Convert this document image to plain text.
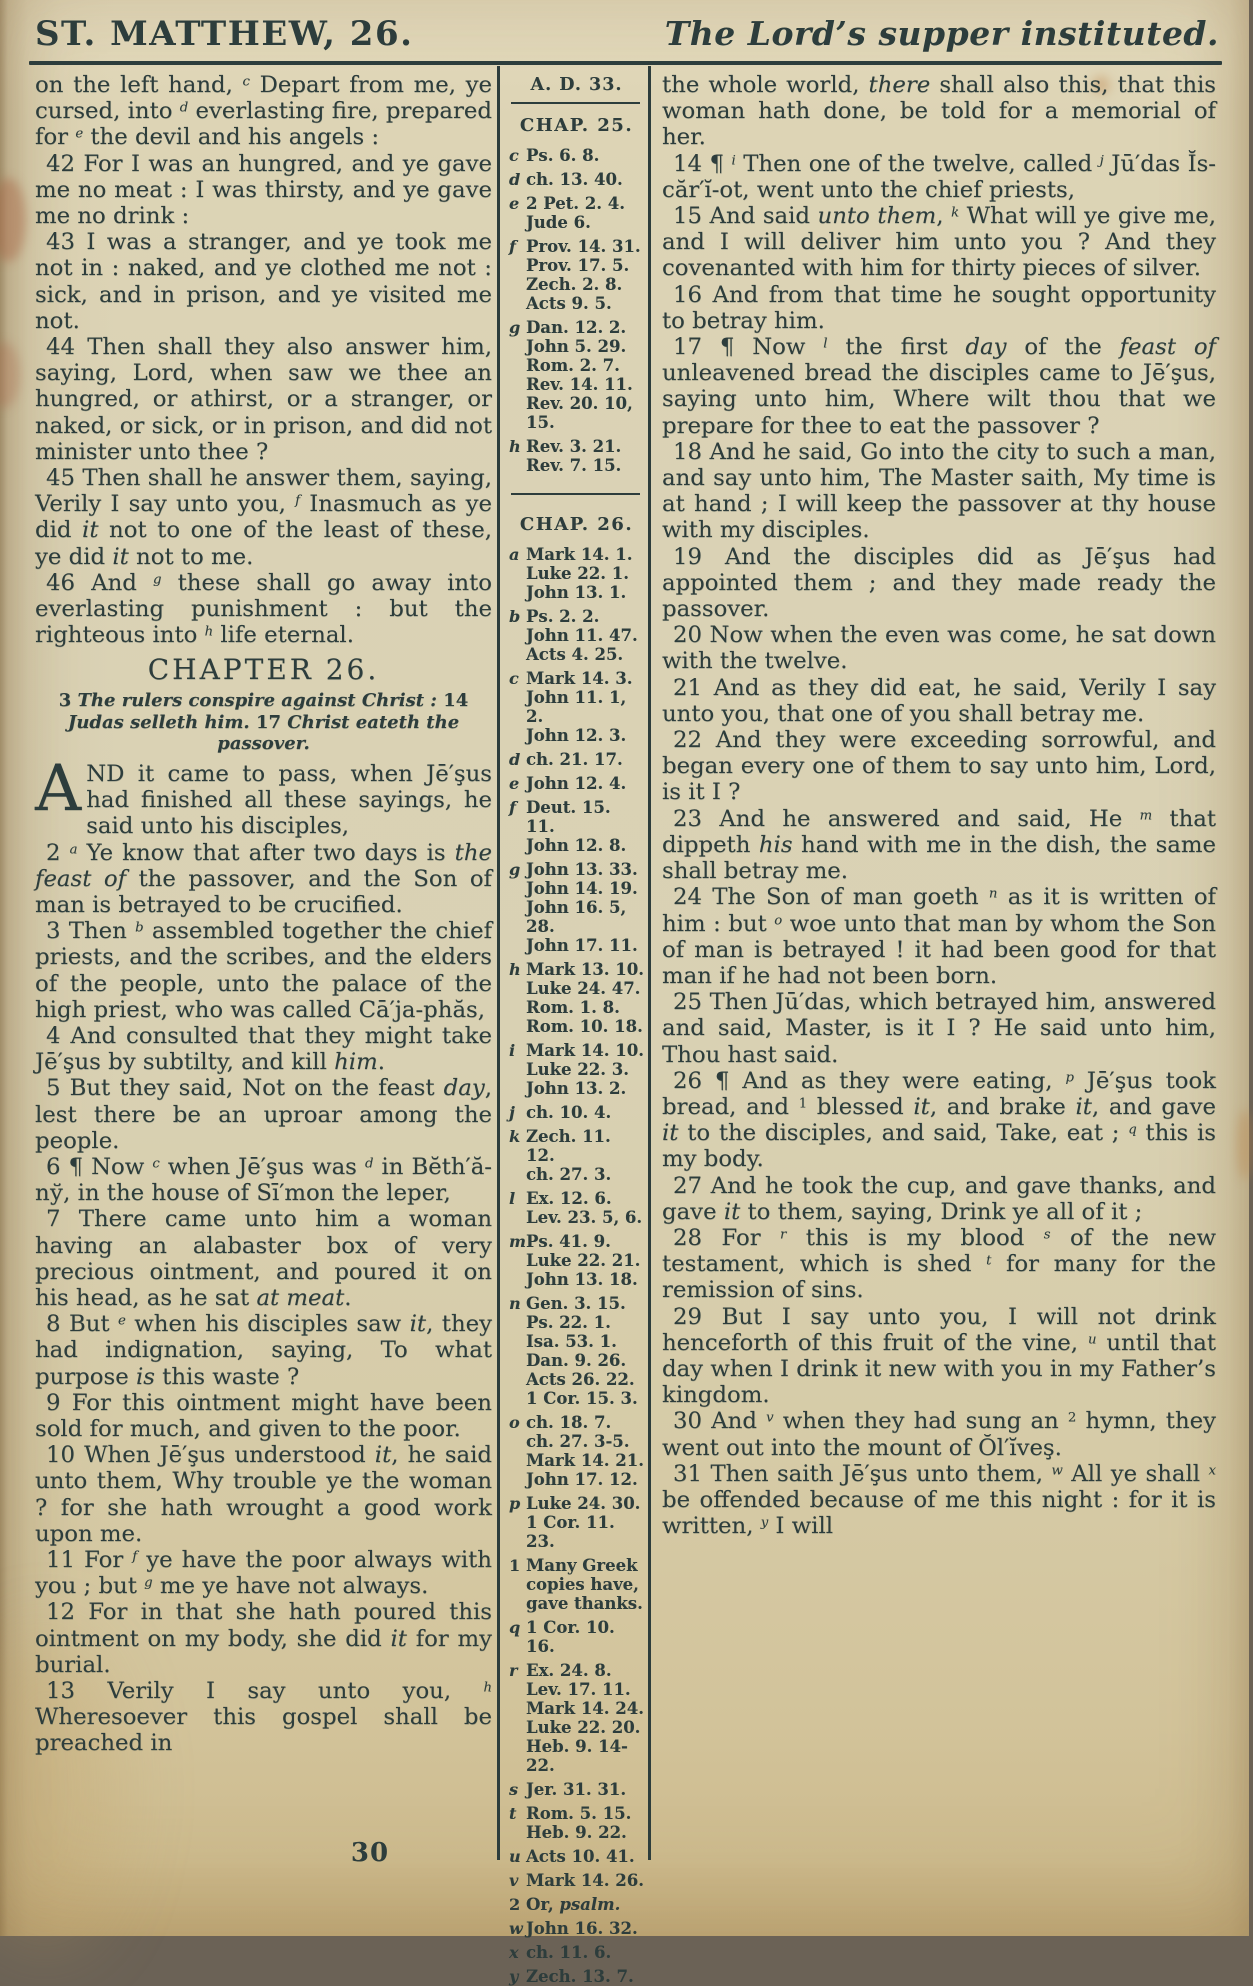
ST. MATTHEW, 26.	The Lord’s supper instituted.

on the left hand, $^c$ Depart from me, ye cursed, into $^d$ everlasting fire, prepared for $^e$ the devil and his angels :

42 For I was an hungred, and ye gave me no meat : I was thirsty, and ye gave me no drink :

43 I was a stranger, and ye took me not in : naked, and ye clothed me not : sick, and in prison, and ye visited me not.

44 Then shall they also answer him, saying, Lord, when saw we thee an hungred, or athirst, or a stranger, or naked, or sick, or in prison, and did not minister unto thee ?

45 Then shall he answer them, saying, Verily I say unto you, $^f$ Inasmuch as ye did it not to one of the least of these, ye did it not to me.

46 And $^g$ these shall go away into everlasting punishment : but the righteous into $^h$ life eternal.

CHAPTER 26.

3 The rulers conspire against Christ : 14 Judas selleth him. 17 Christ eateth the passover.

AND it came to pass, when Jē′şus had finished all these sayings, he said unto his disciples,

2 $^a$ Ye know that after two days is the feast of the passover, and the Son of man is betrayed to be crucified.

3 Then $^b$ assembled together the chief priests, and the scribes, and the elders of the people, unto the palace of the high priest, who was called Cā′ja-phăs,

4 And consulted that they might take Jē′şus by subtilty, and kill him.

5 But they said, Not on the feast day, lest there be an uproar among the people.

6 ¶ Now $^c$ when Jē′şus was $^d$ in Bĕth′ă-nў, in the house of Sī′mon the leper,

7 There came unto him a woman having an alabaster box of very precious ointment, and poured it on his head, as he sat at meat.

8 But $^e$ when his disciples saw it, they had indignation, saying, To what purpose is this waste ?

9 For this ointment might have been sold for much, and given to the poor.

10 When Jē′şus understood it, he said unto them, Why trouble ye the woman ? for she hath wrought a good work upon me.

11 For $^f$ ye have the poor always with you ; but $^g$ me ye have not always.

12 For in that she hath poured this ointment on my body, she did it for my burial.

13 Verily I say unto you, $^h$ Wheresoever this gospel shall be preached in

A. D. 33.
CHAP. 25.
c Ps. 6. 8.
d ch. 13. 40.
e 2 Pet. 2. 4.
Jude 6.
f Prov. 14. 31.
Prov. 17. 5.
Zech. 2. 8.
Acts 9. 5.
g Dan. 12. 2.
John 5. 29.
Rom. 2. 7.
Rev. 14. 11.
Rev. 20. 10,
15.
h Rev. 3. 21.
Rev. 7. 15.
CHAP. 26.
a Mark 14. 1.
Luke 22. 1.
John 13. 1.
b Ps. 2. 2.
John 11. 47.
Acts 4. 25.
c Mark 14. 3.
John 11. 1, 2.
John 12. 3.
d ch. 21. 17.
e John 12. 4.
f Deut. 15. 11.
John 12. 8.
g John 13. 33.
John 14. 19.
John 16. 5,
28.
John 17. 11.
h Mark 13. 10.
Luke 24. 47.
Rom. 1. 8.
Rom. 10. 18.
i Mark 14. 10.
Luke 22. 3.
John 13. 2.
j ch. 10. 4.
k Zech. 11. 12.
ch. 27. 3.
l Ex. 12. 6.
Lev. 23. 5, 6.
m Ps. 41. 9.
Luke 22. 21.
John 13. 18.
n Gen. 3. 15.
Ps. 22. 1.
Isa. 53. 1.
Dan. 9. 26.
Acts 26. 22.
1 Cor. 15. 3.
o ch. 18. 7.
ch. 27. 3-5.
Mark 14. 21.
John 17. 12.
p Luke 24. 30.
1 Cor. 11. 23.
1 Many Greek
copies have,
gave thanks.
q 1 Cor. 10. 16.
r Ex. 24. 8.
Lev. 17. 11.
Mark 14. 24.
Luke 22. 20.
Heb. 9. 14-22.
s Jer. 31. 31.
t Rom. 5. 15.
Heb. 9. 22.
u Acts 10. 41.
v Mark 14. 26.
2 Or, psalm.
w John 16. 32.
x ch. 11. 6.
y Zech. 13. 7.

the whole world, there shall also this, that this woman hath done, be told for a memorial of her.

14 ¶ $^i$ Then one of the twelve, called $^j$ Jū′das Ĭs-căr′ĭ-ot, went unto the chief priests,

15 And said unto them, $^k$ What will ye give me, and I will deliver him unto you ? And they covenanted with him for thirty pieces of silver.

16 And from that time he sought opportunity to betray him.

17 ¶ Now $^l$ the first day of the feast of unleavened bread the disciples came to Jē′şus, saying unto him, Where wilt thou that we prepare for thee to eat the passover ?

18 And he said, Go into the city to such a man, and say unto him, The Master saith, My time is at hand ; I will keep the passover at thy house with my disciples.

19 And the disciples did as Jē′şus had appointed them ; and they made ready the passover.

20 Now when the even was come, he sat down with the twelve.

21 And as they did eat, he said, Verily I say unto you, that one of you shall betray me.

22 And they were exceeding sorrowful, and began every one of them to say unto him, Lord, is it I ?

23 And he answered and said, He $^m$ that dippeth his hand with me in the dish, the same shall betray me.

24 The Son of man goeth $^n$ as it is written of him : but $^o$ woe unto that man by whom the Son of man is betrayed ! it had been good for that man if he had not been born.

25 Then Jū′das, which betrayed him, answered and said, Master, is it I ? He said unto him, Thou hast said.

26 ¶ And as they were eating, $^p$ Jē′şus took bread, and $^1$ blessed it, and brake it, and gave it to the disciples, and said, Take, eat ; $^q$ this is my body.

27 And he took the cup, and gave thanks, and gave it to them, saying, Drink ye all of it ;

28 For $^r$ this is my blood $^s$ of the new testament, which is shed $^t$ for many for the remission of sins.

29 But I say unto you, I will not drink henceforth of this fruit of the vine, $^u$ until that day when I drink it new with you in my Father’s kingdom.

30 And $^v$ when they had sung an $^2$ hymn, they went out into the mount of Ŏl′ĭveş.

31 Then saith Jē′şus unto them, $^w$ All ye shall $^x$ be offended because of me this night : for it is written, $^y$ I will

30
